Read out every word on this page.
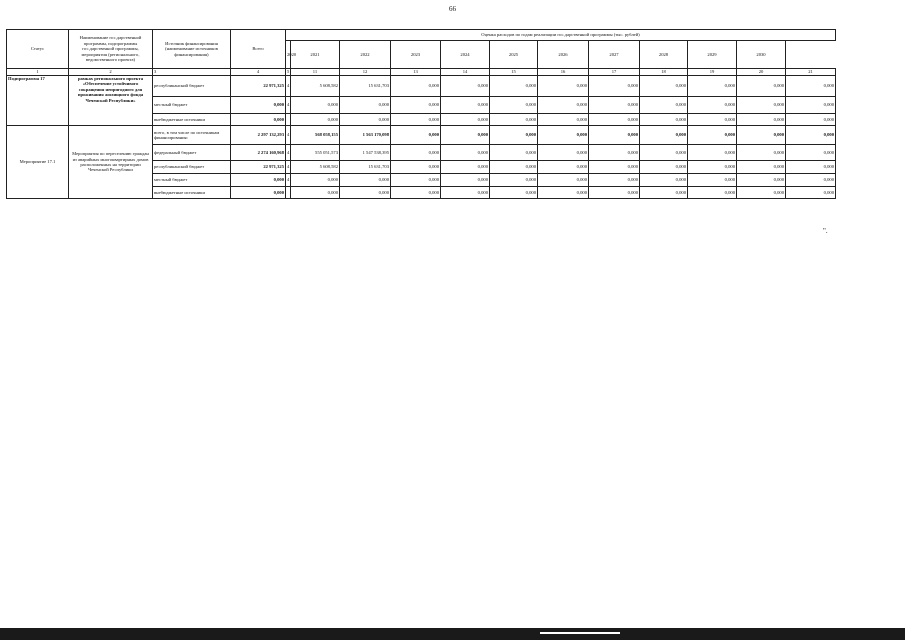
66
Статус	Наименование гос.дарственной программы, подпрограммы гос.дарственной программы, мероприятия (регионального, ведомственного проекта)	Источник финансирования (наименование источников финансирования)	Всего	Оценка расходов по годам реализации гос.дарственной программы (тыс. рублей)											
				2020	2021	2022	2023	2024	2025	2026	2027	2028	2029	2030	
1	2	3	4	5	11	12	13	14	15	16	17	18	19	20	21
Подпрограмма 17	рамках регионального проекта «Обеспечение устойчивого сокращения непригодного для проживания жилищного фонда Чеченской Республики»	республиканский бюджет	22 971,325	4	5 608,582	15 631,703	0,000	0,000	0,000	0,000	0,000	0,000	0,000	0,000	0,000
		местный бюджет	0,000	4	0,000	0,000	0,000	0,000	0,000	0,000	0,000	0,000	0,000	0,000	0,000
		внебюджетные источники	0,000		0,000	0,000	0,000	0,000	0,000	0,000	0,000	0,000	0,000	0,000	0,000
Мероприятие 17.1	Мероприятия по переселению граждан из аварийных многоквартирных домов расположенных на территории Чеченской Республики	всего, в том числе по источникам финансирования:	2 297 132,293	4	568 058,155	1 563 170,098	0,000	0,000	0,000	0,000	0,000	0,000	0,000	0,000	0,000
		федеральный бюджет	2 274 160,968	4	555 051,573	1 547 538,395	0,000	0,000	0,000	0,000	0,000	0,000	0,000	0,000	0,000
		республиканский бюджет	22 971,325	4	5 608,582	15 631,703	0,000	0,000	0,000	0,000	0,000	0,000	0,000	0,000	0,000
		местный бюджет	0,000	4	0,000	0,000	0,000	0,000	0,000	0,000	0,000	0,000	0,000	0,000	0,000
		внебюджетные источники	0,000		0,000	0,000	0,000	0,000	0,000	0,000	0,000	0,000	0,000	0,000	0,000
".
